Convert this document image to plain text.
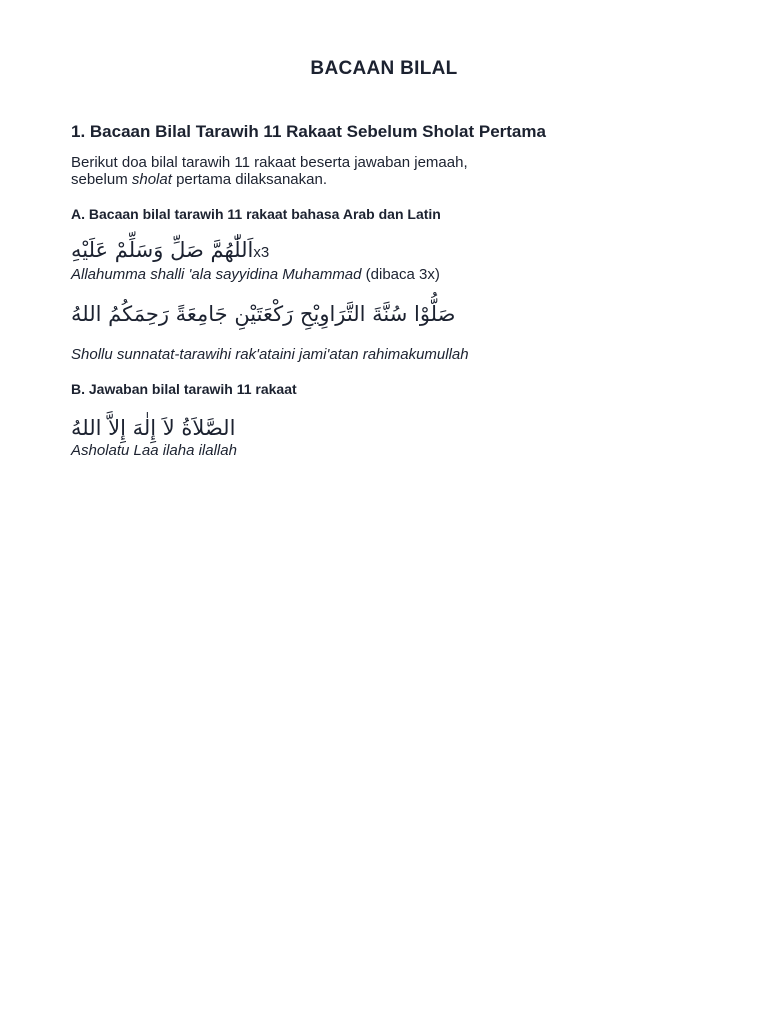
BACAAN BILAL
1. Bacaan Bilal Tarawih 11 Rakaat Sebelum Sholat Pertama
Berikut doa bilal tarawih 11 rakaat beserta jawaban jemaah,
sebelum sholat pertama dilaksanakan.
A. Bacaan bilal tarawih 11 rakaat bahasa Arab dan Latin
اَللّٰهُمَّ صَلِّ وَسَلِّمْ عَلَيْهِx3
Allahumma shalli 'ala sayyidina Muhammad (dibaca 3x)
صَلُّوْا سُنَّةَ التَّرَاوِيْحِ رَكْعَتَيْنِ جَامِعَةً رَحِمَكُمُ اللهُ
Shollu sunnatat-tarawihi rak'ataini jami'atan rahimakumullah
B. Jawaban bilal tarawih 11 rakaat
الصَّلاَةُ لاَ إِلٰهَ إِلاَّ اللهُ
Asholatu Laa ilaha ilallah
